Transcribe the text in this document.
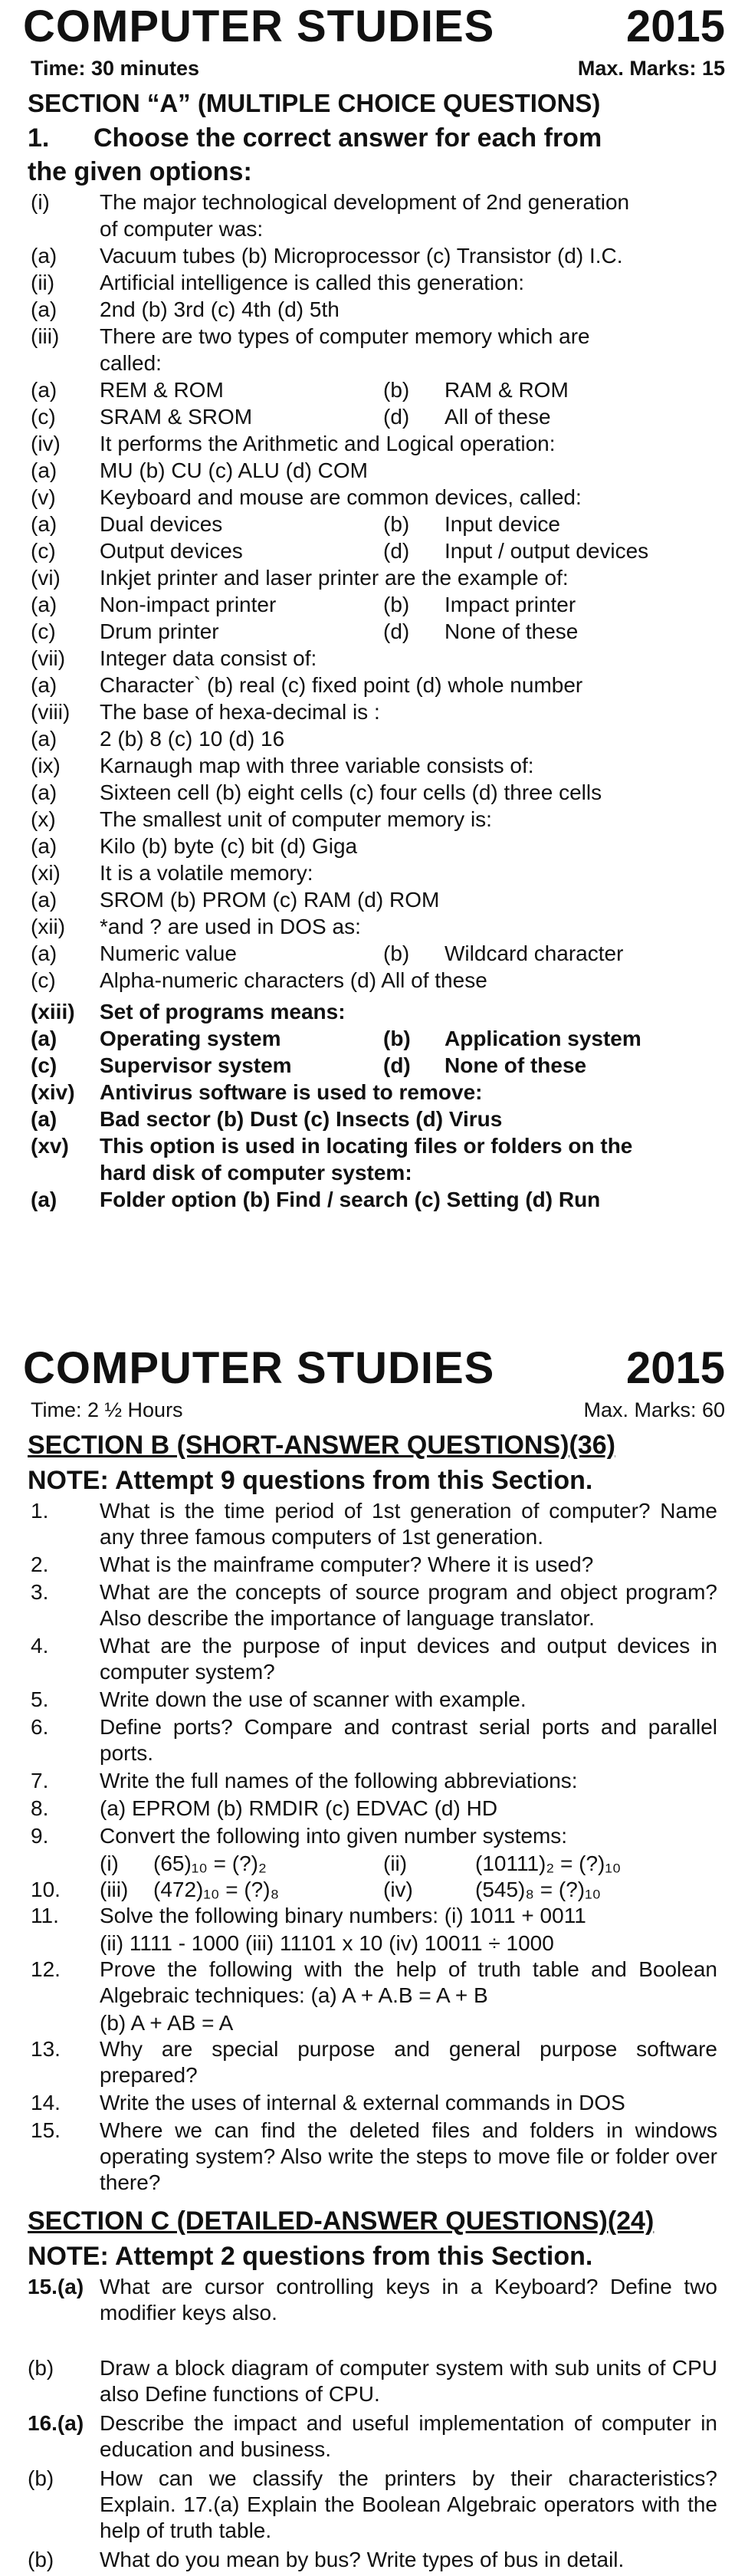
COMPUTER STUDIES	2015
Time: 30 minutes	Max. Marks: 15
SECTION “A” (MULTIPLE CHOICE QUESTIONS)
1. Choose the correct answer for each from
the given options:
(i)	The major technological development of 2nd generation
of computer was:
(a)	Vacuum tubes (b) Microprocessor (c) Transistor (d) I.C.
(ii)	Artificial intelligence is called this generation:
(a)	2nd (b) 3rd (c) 4th (d) 5th
(iii)	There are two types of computer memory which are
called:
(a)	REM & ROM	(b) RAM & ROM
(c)	SRAM & SROM	(d) All of these
(iv)	It performs the Arithmetic and Logical operation:
(a)	MU (b) CU (c) ALU (d) COM
(v)	Keyboard and mouse are common devices, called:
(a)	Dual devices	(b) Input device
(c)	Output devices	(d) Input / output devices
(vi)	Inkjet printer and laser printer are the example of:
(a)	Non-impact printer	(b) Impact printer
(c)	Drum printer	(d) None of these
(vii)	Integer data consist of:
(a)	Character` (b) real (c) fixed point (d) whole number
(viii)	The base of hexa-decimal is :
(a)	2 (b) 8 (c) 10 (d) 16
(ix)	Karnaugh map with three variable consists of:
(a)	Sixteen cell (b) eight cells (c) four cells (d) three cells
(x)	The smallest unit of computer memory is:
(a)	Kilo (b) byte (c) bit (d) Giga
(xi)	It is a volatile memory:
(a)	SROM (b) PROM (c) RAM (d) ROM
(xii)	*and ? are used in DOS as:
(a)	Numeric value	(b) Wildcard character
(c)	Alpha-numeric characters (d) All of these
(xiii)	Set of programs means:
(a)	Operating system	(b) Application system
(c)	Supervisor system	(d) None of these
(xiv)	Antivirus software is used to remove:
(a)	Bad sector (b) Dust (c) Insects (d) Virus
(xv)	This option is used in locating files or folders on the
hard disk of computer system:
(a)	Folder option (b) Find / search (c) Setting (d) Run
COMPUTER STUDIES	2015
Time: 2 ½ Hours	Max. Marks: 60
SECTION B (SHORT-ANSWER QUESTIONS)(36)
NOTE: Attempt 9 questions from this Section.
1. What is the time period of 1st generation of computer? Name any three famous computers of 1st generation.
2. What is the mainframe computer? Where it is used?
3. What are the concepts of source program and object program? Also describe the importance of language translator.
4. What are the purpose of input devices and output devices in computer system?
5. Write down the use of scanner with example.
6. Define ports? Compare and contrast serial ports and parallel ports.
7. Write the full names of the following abbreviations:
8. (a) EPROM (b) RMDIR (c) EDVAC (d) HD
9. Convert the following into given number systems:
(i) (65)₁₀ = (?)₂	(ii)	(10111)₂ = (?)₁₀
10. (iii) (472)₁₀ = (?)₈	(iv)	(545)₈ = (?)₁₀
11. Solve the following binary numbers: (i) 1011 + 0011
(ii) 1111 - 1000 (iii) 11101 x 10 (iv) 10011 ÷ 1000
12. Prove the following with the help of truth table and Boolean Algebraic techniques: (a) A + A.B = A + B
(b) A + AB = A
13. Why are special purpose and general purpose software prepared?
14. Write the uses of internal & external commands in DOS
15. Where we can find the deleted files and folders in windows operating system? Also write the steps to move file or folder over there?
SECTION C (DETAILED-ANSWER QUESTIONS)(24)
NOTE: Attempt 2 questions from this Section.
15.(a) What are cursor controlling keys in a Keyboard? Define two modifier keys also.
(b) Draw a block diagram of computer system with sub units of CPU also Define functions of CPU.
16.(a) Describe the impact and useful implementation of computer in education and business.
(b) How can we classify the printers by their characteristics? Explain. 17.(a) Explain the Boolean Algebraic operators with the help of truth table.
(b) What do you mean by bus? Write types of bus in detail.
